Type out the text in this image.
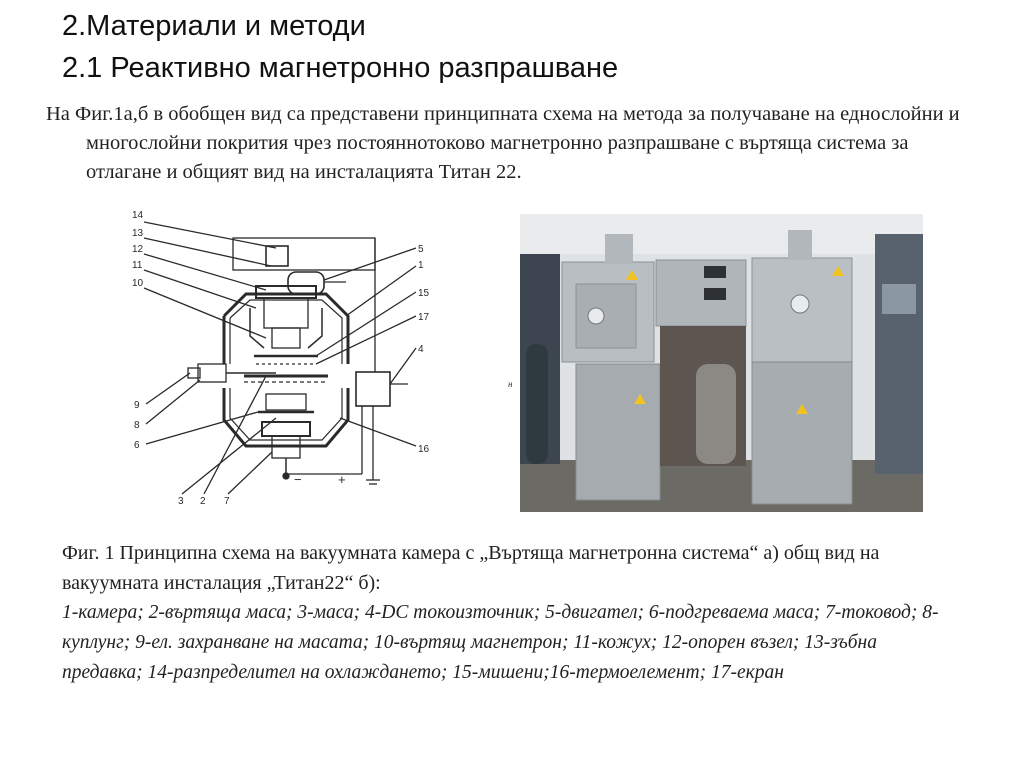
2.Материали и методи
2.1 Реактивно магнетронно разпрашване
На Фиг.1а,б в обобщен вид са представени принципната схема на метода за получаване на еднослойни и многослойни покрития чрез постояннотоково магнетронно разпрашване с въртяща система за отлагане и общият вид на инсталацията Титан 22.
14
13
12
11
10
9
8
6
5
1
15
17
4
16
3 2 7
−	+
н

Фиг. 1 Принципна схема на вакуумната камера с „Въртяща магнетронна система“ а) общ вид на вакуумната инсталация „Титан22“ б):

1-камера; 2-въртяща маса; 3-маса; 4-DC токоизточник; 5-двигател; 6-подгреваема маса; 7-токовод; 8-куплунг; 9-ел. захранване на масата; 10-въртящ магнетрон; 11-кожух; 12-опорен възел; 13-зъбна предавка; 14-разпределител на охлаждането; 15-мишени;16-термоелемент; 17-екран
